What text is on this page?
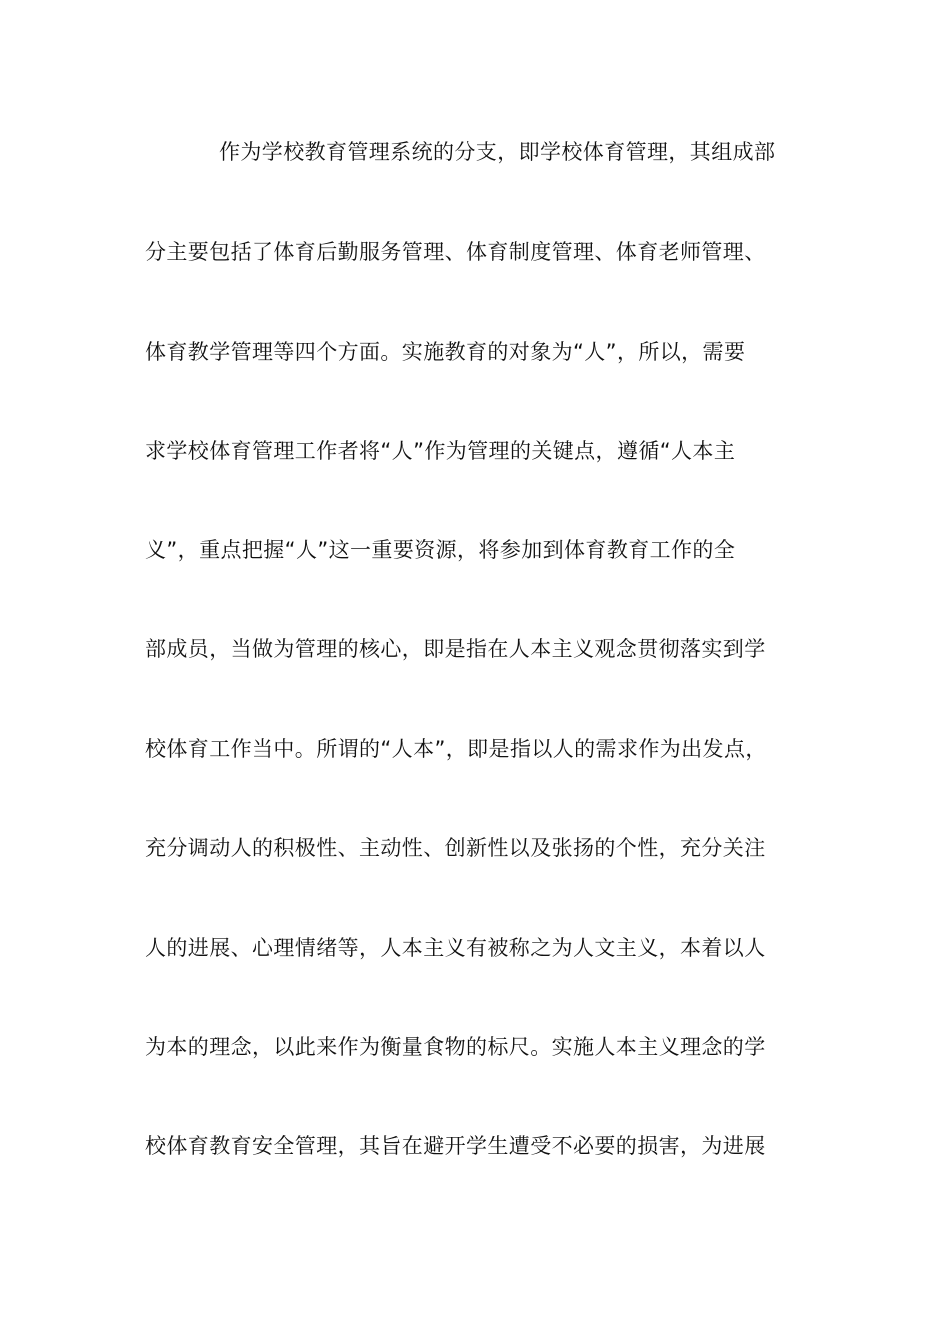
作为学校教育管理系统的分支，即学校体育管理，其组成部
分主要包括了体育后勤服务管理、体育制度管理、体育老师管理、
体育教学管理等四个方面。实施教育的对象为“人”，所以，需要
求学校体育管理工作者将“人”作为管理的关键点，遵循“人本主
义”，重点把握“人”这一重要资源，将参加到体育教育工作的全
部成员，当做为管理的核心，即是指在人本主义观念贯彻落实到学
校体育工作当中。所谓的“人本”，即是指以人的需求作为出发点，
充分调动人的积极性、主动性、创新性以及张扬的个性，充分关注
人的进展、心理情绪等，人本主义有被称之为人文主义，本着以人
为本的理念，以此来作为衡量食物的标尺。实施人本主义理念的学
校体育教育安全管理，其旨在避开学生遭受不必要的损害，为进展
